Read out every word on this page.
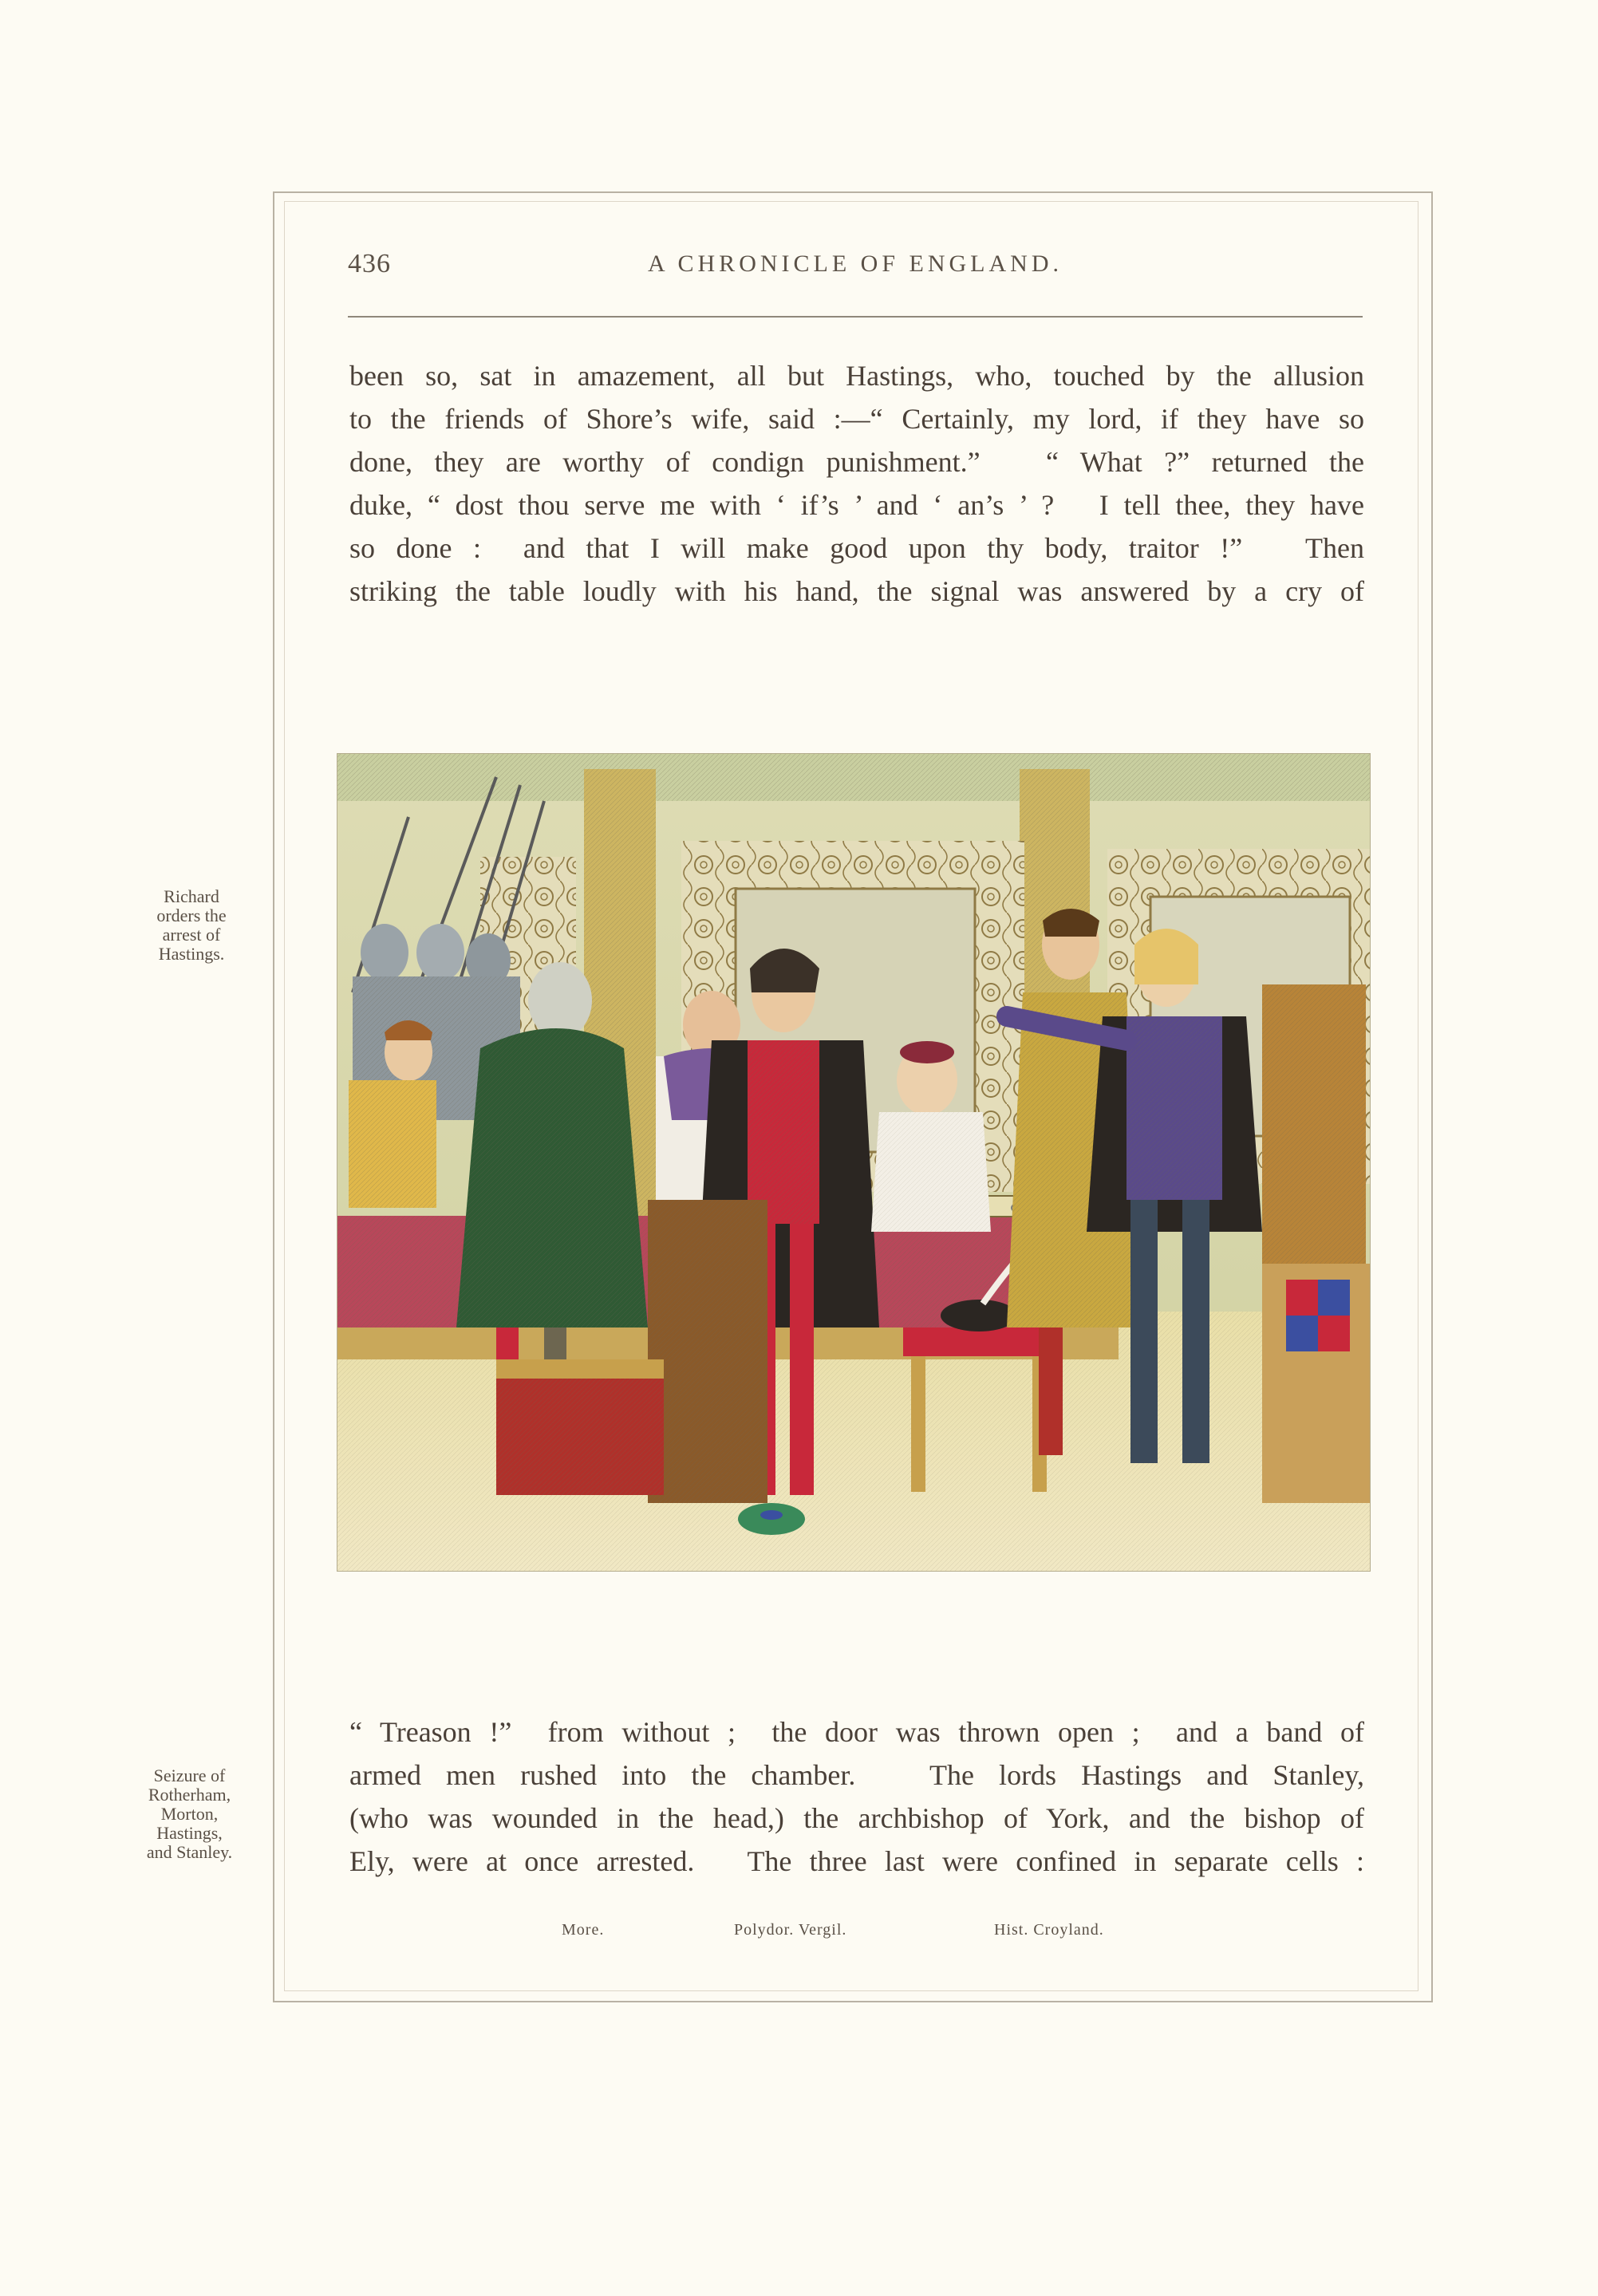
436	A CHRONICLE OF ENGLAND.
been so, sat in amazement, all but Hastings, who, touched by the allusion
to the friends of Shore’s wife, said :—“ Certainly, my lord, if they have so
done, they are worthy of condign punishment.”   “ What ?” returned the
duke, “ dost thou serve me with ‘ if’s ’ and ‘ an’s ’ ?   I tell thee, they have
so done :  and that I will make good upon thy body, traitor !”   Then
striking the table loudly with his hand, the signal was answered by a cry of
Richard
orders the
arrest of
Hastings.
“ Treason !”  from without ;  the door was thrown open ;  and a band of
armed men rushed into the chamber.   The lords Hastings and Stanley,
(who was wounded in the head,) the archbishop of York, and the bishop of
Ely, were at once arrested.   The three last were confined in separate cells :
Seizure of
Rotherham,
Morton,
Hastings,
and Stanley.
More.	Polydor. Vergil.	Hist. Croyland.
